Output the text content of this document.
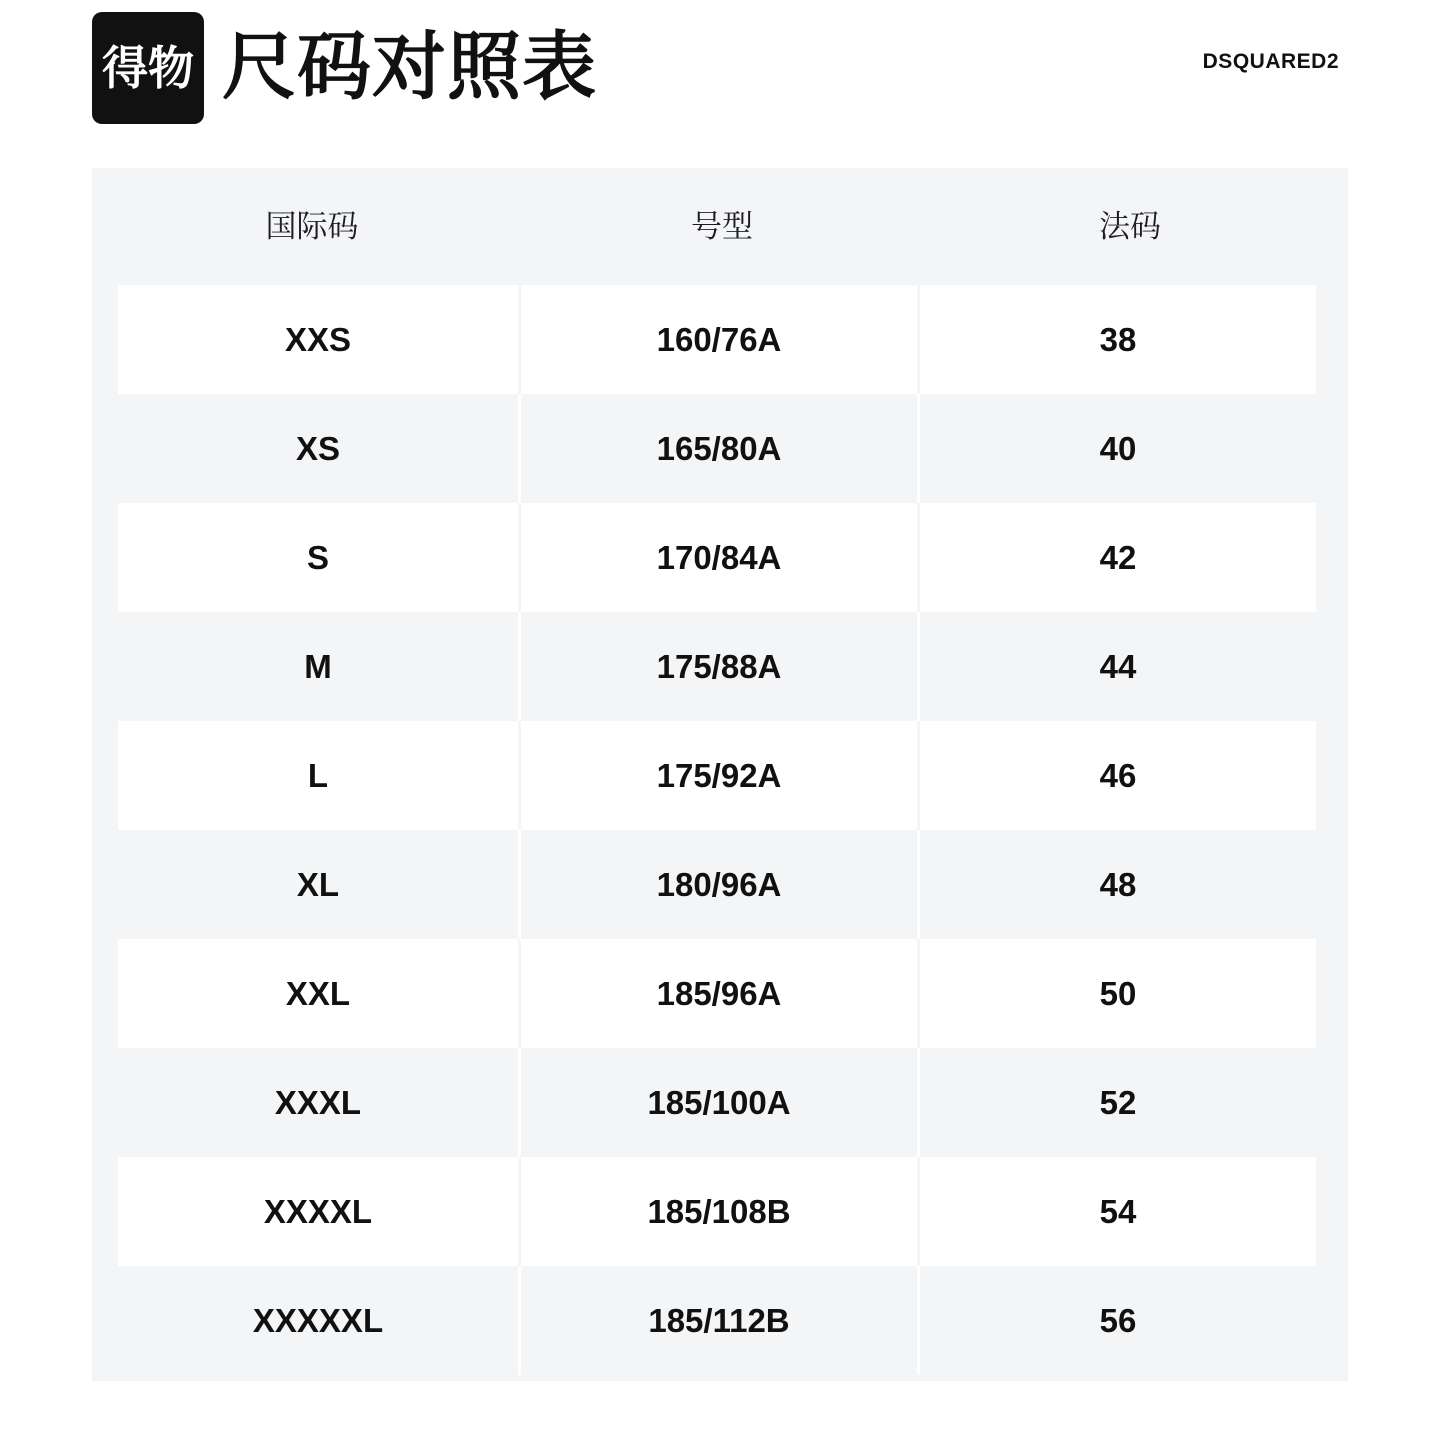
得物 尺码对照表	DSQUARED2
国际码	号型	法码
XXS	160/76A	38
XS	165/80A	40
S	170/84A	42
M	175/88A	44
L	175/92A	46
XL	180/96A	48
XXL	185/96A	50
XXXL	185/100A	52
XXXXL	185/108B	54
XXXXXL	185/112B	56
